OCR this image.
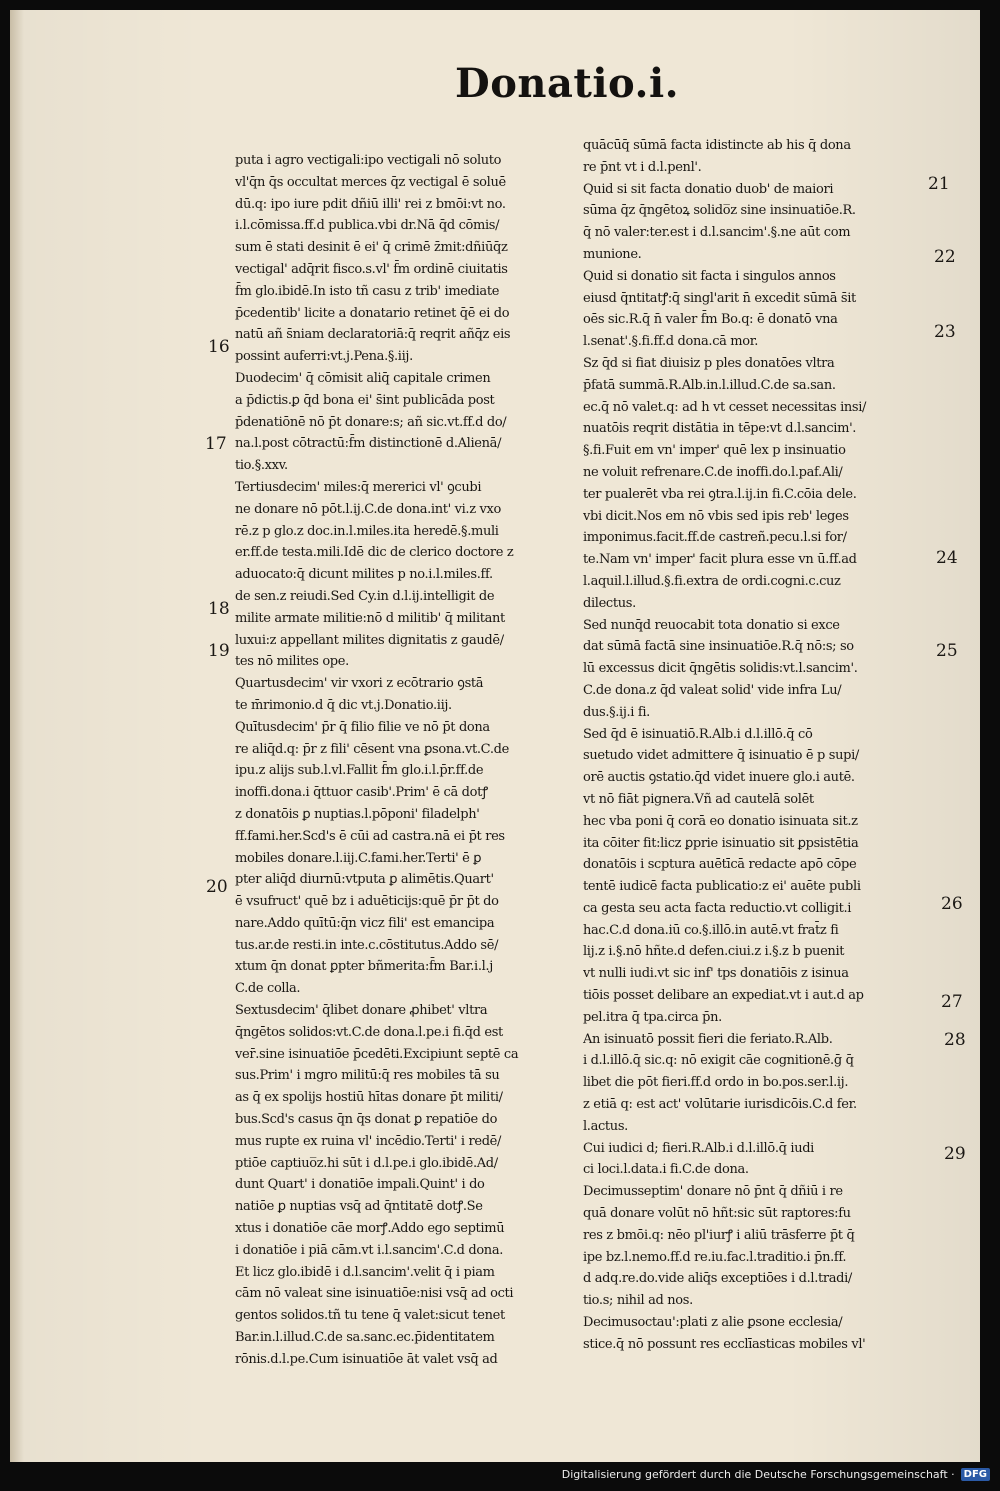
Donatio.i.
puta i agro vectigali:ipo vectigali nō soluto
vl'q̄n q̄s occultat merces q̄z vectigal ē soluē
dū.q: ipo iure pdit dñiū illi' rei z bmōi:vt no.
i.l.cōmissa.ff.d publica.vbi dr.Nā q̄d cōmis/
sum ē stati desinit ē ei' q̄ crimē z̄mit:dñiūq̄z
vectigal' adq̄rit fisco.s.vl' f̄m ordinē ciuitatis
f̄m glo.ibidē.In isto tñ casu z trib' imediate
p̄cedentib' licite a donatario retinet q̄ē ei do
natū añ s̄niam declaratoriā:q̄ reqrit añq̄z eis
possint auferri:vt.j.Pena.§.iij.
Duodecim' q̄ cōmisit aliq̄ capitale crimen
a p̄dictis.ꝑ q̄d bona ei' s̄int publicāda post
p̄denatiōnē nō p̄t donare:s; añ sic.vt.ff.d do/
na.l.post cōtractū:f̄m distinctionē d.Alienā/
tio.§.xxv.
Tertiusdecim' miles:q̄ mererici vl' ꝯcubi
ne donare nō pōt.l.ij.C.de dona.int' vi.z vxo
rē.z p glo.z doc.in.l.miles.ita heredē.§.muli
er.ff.de testa.mili.Idē dic de clerico doctore z
aduocato:q̄ dicunt milites p no.i.l.miles.ff.
de sen.z reiudi.Sed Cy.in d.l.ij.intelligit de
milite armate militie:nō d militib' q̄ militant
luxui:z appellant milites dignitatis z gaudē/
tes nō milites ope.
Quartusdecim' vir vxori z ecōtrario ꝯstā
te m̄rimonio.d q̄ dic vt.j.Donatio.iij.
Quītusdecim' p̄r q̄ filio filie ve nō p̄t dona
re aliq̄d.q: p̄r z fili' cēsent vna ꝑsona.vt.C.de
ipu.z alijs sub.l.vl.Fallit f̄m glo.i.l.p̄r.ff.de
inoffi.dona.i q̄ttuor casib'.Prim' ē cā dotꝭ
z donatōis ꝑ nuptias.l.pōponi' filadelph'
ff.fami.her.Scd's ē cūi ad castra.nā ei p̄t res
mobiles donare.l.iij.C.fami.her.Terti' ē ꝑ
pter aliq̄d diurnū:vtputa ꝑ alimētis.Quart'
ē vsufruct' quē bz i aduēticijs:quē p̄r p̄t do
nare.Addo quītū:q̄n vicz fili' est emancipa
tus.ar.de resti.in inte.c.cōstitutus.Addo sē/
xtum q̄n donat ꝑpter bñmerita:f̄m Bar.i.l.j
C.de colla.
Sextusdecim' q̄libet donare ꝓhibet' vltra
q̄ngētos solidos:vt.C.de dona.l.pe.i fi.q̄d est
ver̄.sine isinuatiōe p̄cedēti.Excipiunt septē ca
sus.Prim' i mgro militū:q̄ res mobiles tā su
as q̄ ex spolijs hostiū hītas donare p̄t militi/
bus.Scd's casus q̄n q̄s donat ꝑ repatiōe do
mus rupte ex ruina vl' incēdio.Terti' i redē/
ptiōe captiuo̅z.hi sūt i d.l.pe.i glo.ibidē.Ad/
dunt Quart' i donatiōe impali.Quint' i do
natiōe ꝑ nuptias vsq̄ ad q̄ntitatē dotꝭ.Se
xtus i donatiōe cāe morꝭ.Addo ego septimū
i donatiōe i piā cām.vt i.l.sancim'.C.d dona.
Et licz glo.ibidē i d.l.sancim'.velit q̄ i piam
cām nō valeat sine isinuatiōe:nisi vsq̄ ad octi
gentos solidos.tñ tu tene q̄ valet:sicut tenet
Bar.in.l.illud.C.de sa.sanc.ec.p̄identitatem
rōnis.d.l.pe.Cum isinuatiōe āt valet vsq̄ ad
quācūq̄ sūmā facta idistincte ab his q̄ dona
re p̄nt vt i d.l.penl'.
Quid si sit facta donatio duob' de maiori
sūma q̄z q̄ngētoꝝ solido̅z sine insinuatiōe.R.
q̄ nō valer:ter.est i d.l.sancim'.§.ne aūt com
munione.
Quid si donatio sit facta i singulos annos
eiusd q̄ntitatꝭ:q̄ singl'arit n̄ excedit sūmā s̄it
oēs sic.R.q̄ n̄ valer f̄m Bo.q: ē donatō vna
l.senat'.§.fi.ff.d dona.cā mor.
Sz q̄d si fiat diuisiz p ples donatōes vltra
p̄fatā summā.R.Alb.in.l.illud.C.de sa.san.
ec.q̄ nō valet.q: ad h vt cesset necessitas insi/
nuatōis reqrit distātia in tēpe:vt d.l.sancim'.
§.fi.Fuit em vn' imper' quē lex p insinuatio
ne voluit refrenare.C.de inoffi.do.l.paf.Ali/
ter pualerēt vba rei ꝯtra.l.ij.in fi.C.cōia dele.
vbi dicit.Nos em nō vbis sed ipis reb' leges
imponimus.facit.ff.de castreñ.pecu.l.si for/
te.Nam vn' imper' facit plura esse vn ū.ff.ad
l.aquil.l.illud.§.fi.extra de ordi.cogni.c.cuz
dilectus.
Sed nunq̄d reuocabit tota donatio si exce
dat sūmā factā sine insinuatiōe.R.q̄ nō:s; so
lū excessus dicit q̄ngētis solidis:vt.l.sancim'.
C.de dona.z q̄d valeat solid' vide infra Lu/
dus.§.ij.i fi.
Sed q̄d ē isinuatiō.R.Alb.i d.l.illō.q̄ cō
suetudo videt admittere q̄ isinuatio ē p supi/
orē auctis ꝯstatio.q̄d videt inuere glo.i autē.
vt nō fiāt pignera.Vñ ad cautelā solēt
hec vba poni q̄ corā eo donatio isinuata sit.z
ita cōiter fit:licz ꝑprie isinuatio sit ꝑpsistētia
donatōis i scptura auētīcā redacte apō cōpe
tentē iudicē facta publicatio:z ei' auēte publi
ca gesta seu acta facta reductio.vt colligit.i
hac.C.d dona.iū co.§.illō.in autē.vt frat̄z fi
lij.z i.§.nō hñte.d defen.ciui.z i.§.z b puenit
vt nulli iudi.vt sic inf' tps donatiōis z isinua
tiōis posset delibare an expediat.vt i aut.d ap
pel.itra q̄ tpa.circa p̄n.
An isinuatō possit fieri die feriato.R.Alb.
i d.l.illō.q̄ sic.q: nō exigit cāe cognitionē.ḡ q̄
libet die pōt fieri.ff.d ordo in bo.pos.ser.l.ij.
z etiā q: est act' volūtarie iurisdicōis.C.d fer.
l.actus.
Cui iudici d; fieri.R.Alb.i d.l.illō.q̄ iudi
ci loci.l.data.i fi.C.de dona.
Decimusseptim' donare nō p̄nt q̄ dñiū i re
quā donare volūt nō hñt:sic sūt raptores:fu
res z bmōi.q: nēo pl'iurꝭ i aliū trāsferre p̄t q̄
ipe bz.l.nemo.ff.d re.iu.fac.l.traditio.i p̄n.ff.
d adq.re.do.vide aliq̄s exceptiōes i d.l.tradi/
tio.s; nihil ad nos.
Decimusoctau':plati z alie ꝑsone ecclesia/
stice.q̄ nō possunt res ecclīasticas mobiles vl'
16
17
18
19
20
21
22
23
24
25
26
27
28
29
Digitalisierung gefördert durch die Deutsche Forschungsgemeinschaft · DFG
